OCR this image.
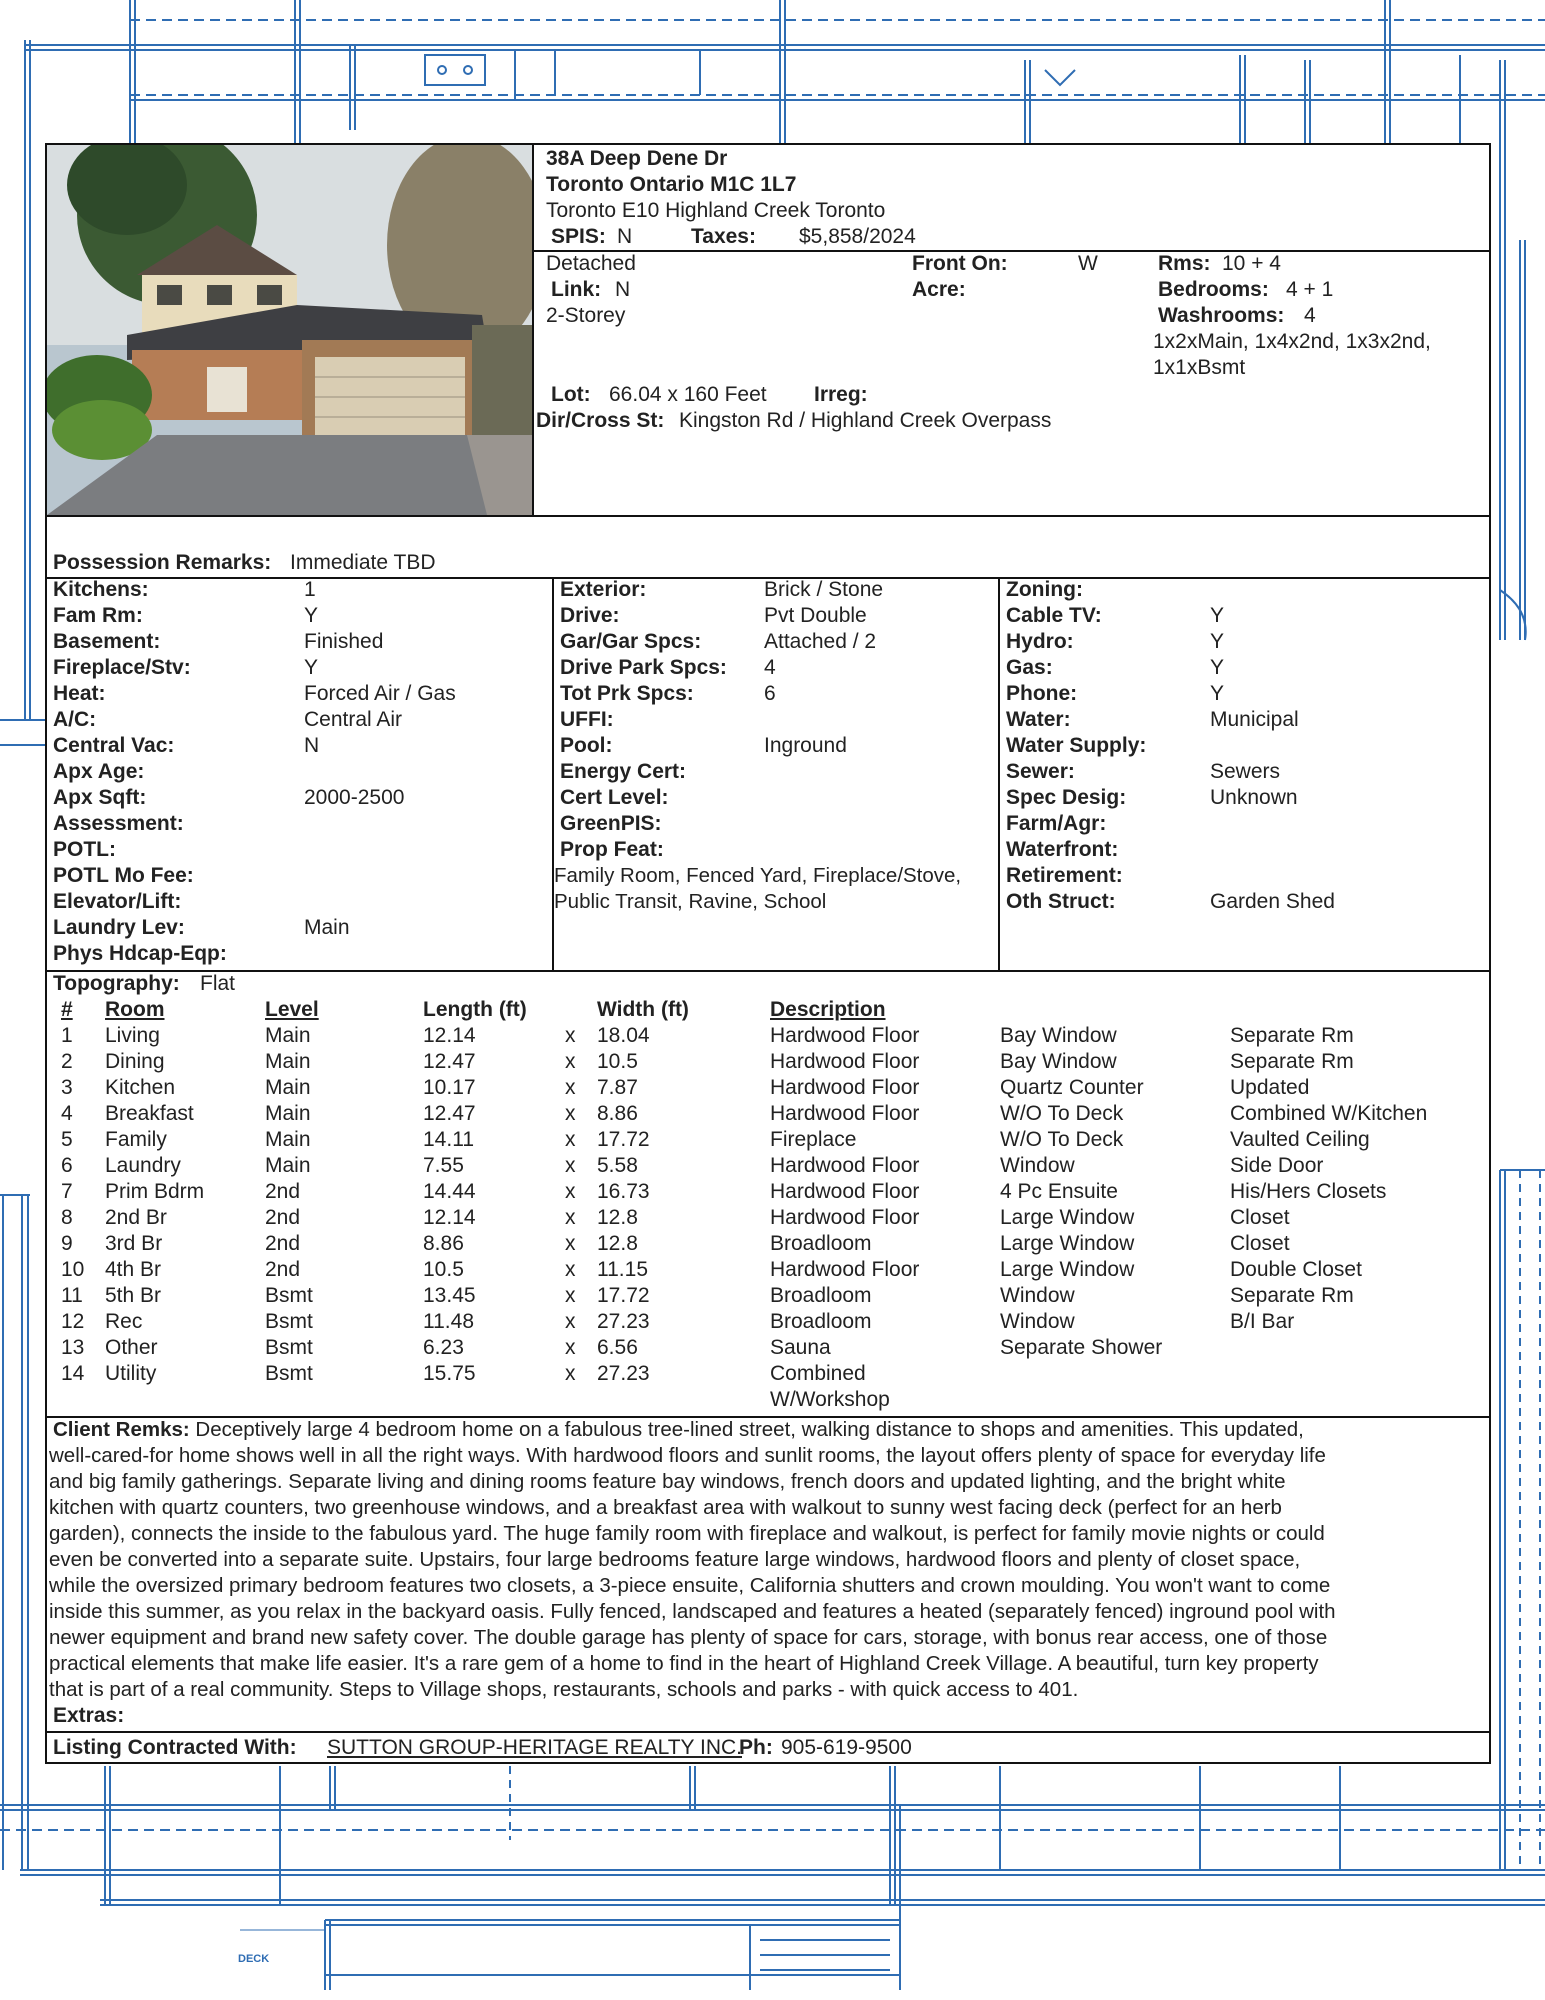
DECK
38A Deep Dene Dr
Toronto Ontario M1C 1L7
Toronto E10 Highland Creek Toronto
SPIS: N	Taxes: $5,858/2024
Detached
Link: N
2-Storey
Front On:	W
Acre:
Rms: 10 + 4
Bedrooms: 4 + 1
Washrooms: 4
1x2xMain, 1x4x2nd, 1x3x2nd,
1x1xBsmt
Lot: 66.04 x 160 Feet Irreg:
Dir/Cross St: Kingston Rd / Highland Creek Overpass
Possession Remarks: Immediate TBD
Kitchens:	1
Fam Rm:	Y
Basement:	Finished
Fireplace/Stv:	Y
Heat:	Forced Air / Gas
A/C:	Central Air
Central Vac:	N
Apx Age:
Apx Sqft:	2000-2500
Assessment:
POTL:
POTL Mo Fee:
Elevator/Lift:
Laundry Lev:	Main
Phys Hdcap-Eqp:
Exterior:	Brick / Stone
Drive:	Pvt Double
Gar/Gar Spcs:	Attached / 2
Drive Park Spcs: 4
Tot Prk Spcs:	6
UFFI:
Pool:	Inground
Energy Cert:
Cert Level:
GreenPIS:
Prop Feat:
Family Room, Fenced Yard, Fireplace/Stove,
Public Transit, Ravine, School
Zoning:
Cable TV:	Y
Hydro:	Y
Gas:	Y
Phone:	Y
Water:	Municipal
Water Supply:
Sewer:	Sewers
Spec Desig:	Unknown
Farm/Agr:
Waterfront:
Retirement:
Oth Struct:	Garden Shed
Topography: Flat
# Room	Level	Length (ft)	Width (ft)	Description
1 Living	Main	12.14	x 18.04	Hardwood Floor	Bay Window	Separate Rm
2 Dining	Main	12.47	x 10.5	Hardwood Floor	Bay Window	Separate Rm
3 Kitchen	Main	10.17	x 7.87	Hardwood Floor	Quartz Counter	Updated
4 Breakfast	Main	12.47	x 8.86	Hardwood Floor	W/O To Deck	Combined W/Kitchen
5 Family	Main	14.11	x 17.72	Fireplace	W/O To Deck	Vaulted Ceiling
6 Laundry	Main	7.55	x 5.58	Hardwood Floor	Window	Side Door
7 Prim Bdrm	2nd	14.44	x 16.73	Hardwood Floor	4 Pc Ensuite	His/Hers Closets
8 2nd Br	2nd	12.14	x 12.8	Hardwood Floor	Large Window	Closet
9 3rd Br	2nd	8.86	x 12.8	Broadloom	Large Window	Closet
10 4th Br	2nd	10.5	x 11.15	Hardwood Floor	Large Window	Double Closet
11 5th Br	Bsmt	13.45	x 17.72	Broadloom	Window	Separate Rm
12 Rec	Bsmt	11.48	x 27.23	Broadloom	Window	B/I Bar
13 Other	Bsmt	6.23	x 6.56	Sauna	Separate Shower
14 Utility	Bsmt	15.75	x 27.23	Combined
W/Workshop
Client Remks: Deceptively large 4 bedroom home on a fabulous tree-lined street, walking distance to shops and amenities. This updated,
well-cared-for home shows well in all the right ways. With hardwood floors and sunlit rooms, the layout offers plenty of space for everyday life
and big family gatherings. Separate living and dining rooms feature bay windows, french doors and updated lighting, and the bright white
kitchen with quartz counters, two greenhouse windows, and a breakfast area with walkout to sunny west facing deck (perfect for an herb
garden), connects the inside to the fabulous yard. The huge family room with fireplace and walkout, is perfect for family movie nights or could
even be converted into a separate suite. Upstairs, four large bedrooms feature large windows, hardwood floors and plenty of closet space,
while the oversized primary bedroom features two closets, a 3-piece ensuite, California shutters and crown moulding. You won't want to come
inside this summer, as you relax in the backyard oasis. Fully fenced, landscaped and features a heated (separately fenced) inground pool with
newer equipment and brand new safety cover. The double garage has plenty of space for cars, storage, with bonus rear access, one of those
practical elements that make life easier. It's a rare gem of a home to find in the heart of Highland Creek Village. A beautiful, turn key property
that is part of a real community. Steps to Village shops, restaurants, schools and parks - with quick access to 401.
Extras:
Listing Contracted With: SUTTON GROUP-HERITAGE REALTY INC.
Ph: 905-619-9500
